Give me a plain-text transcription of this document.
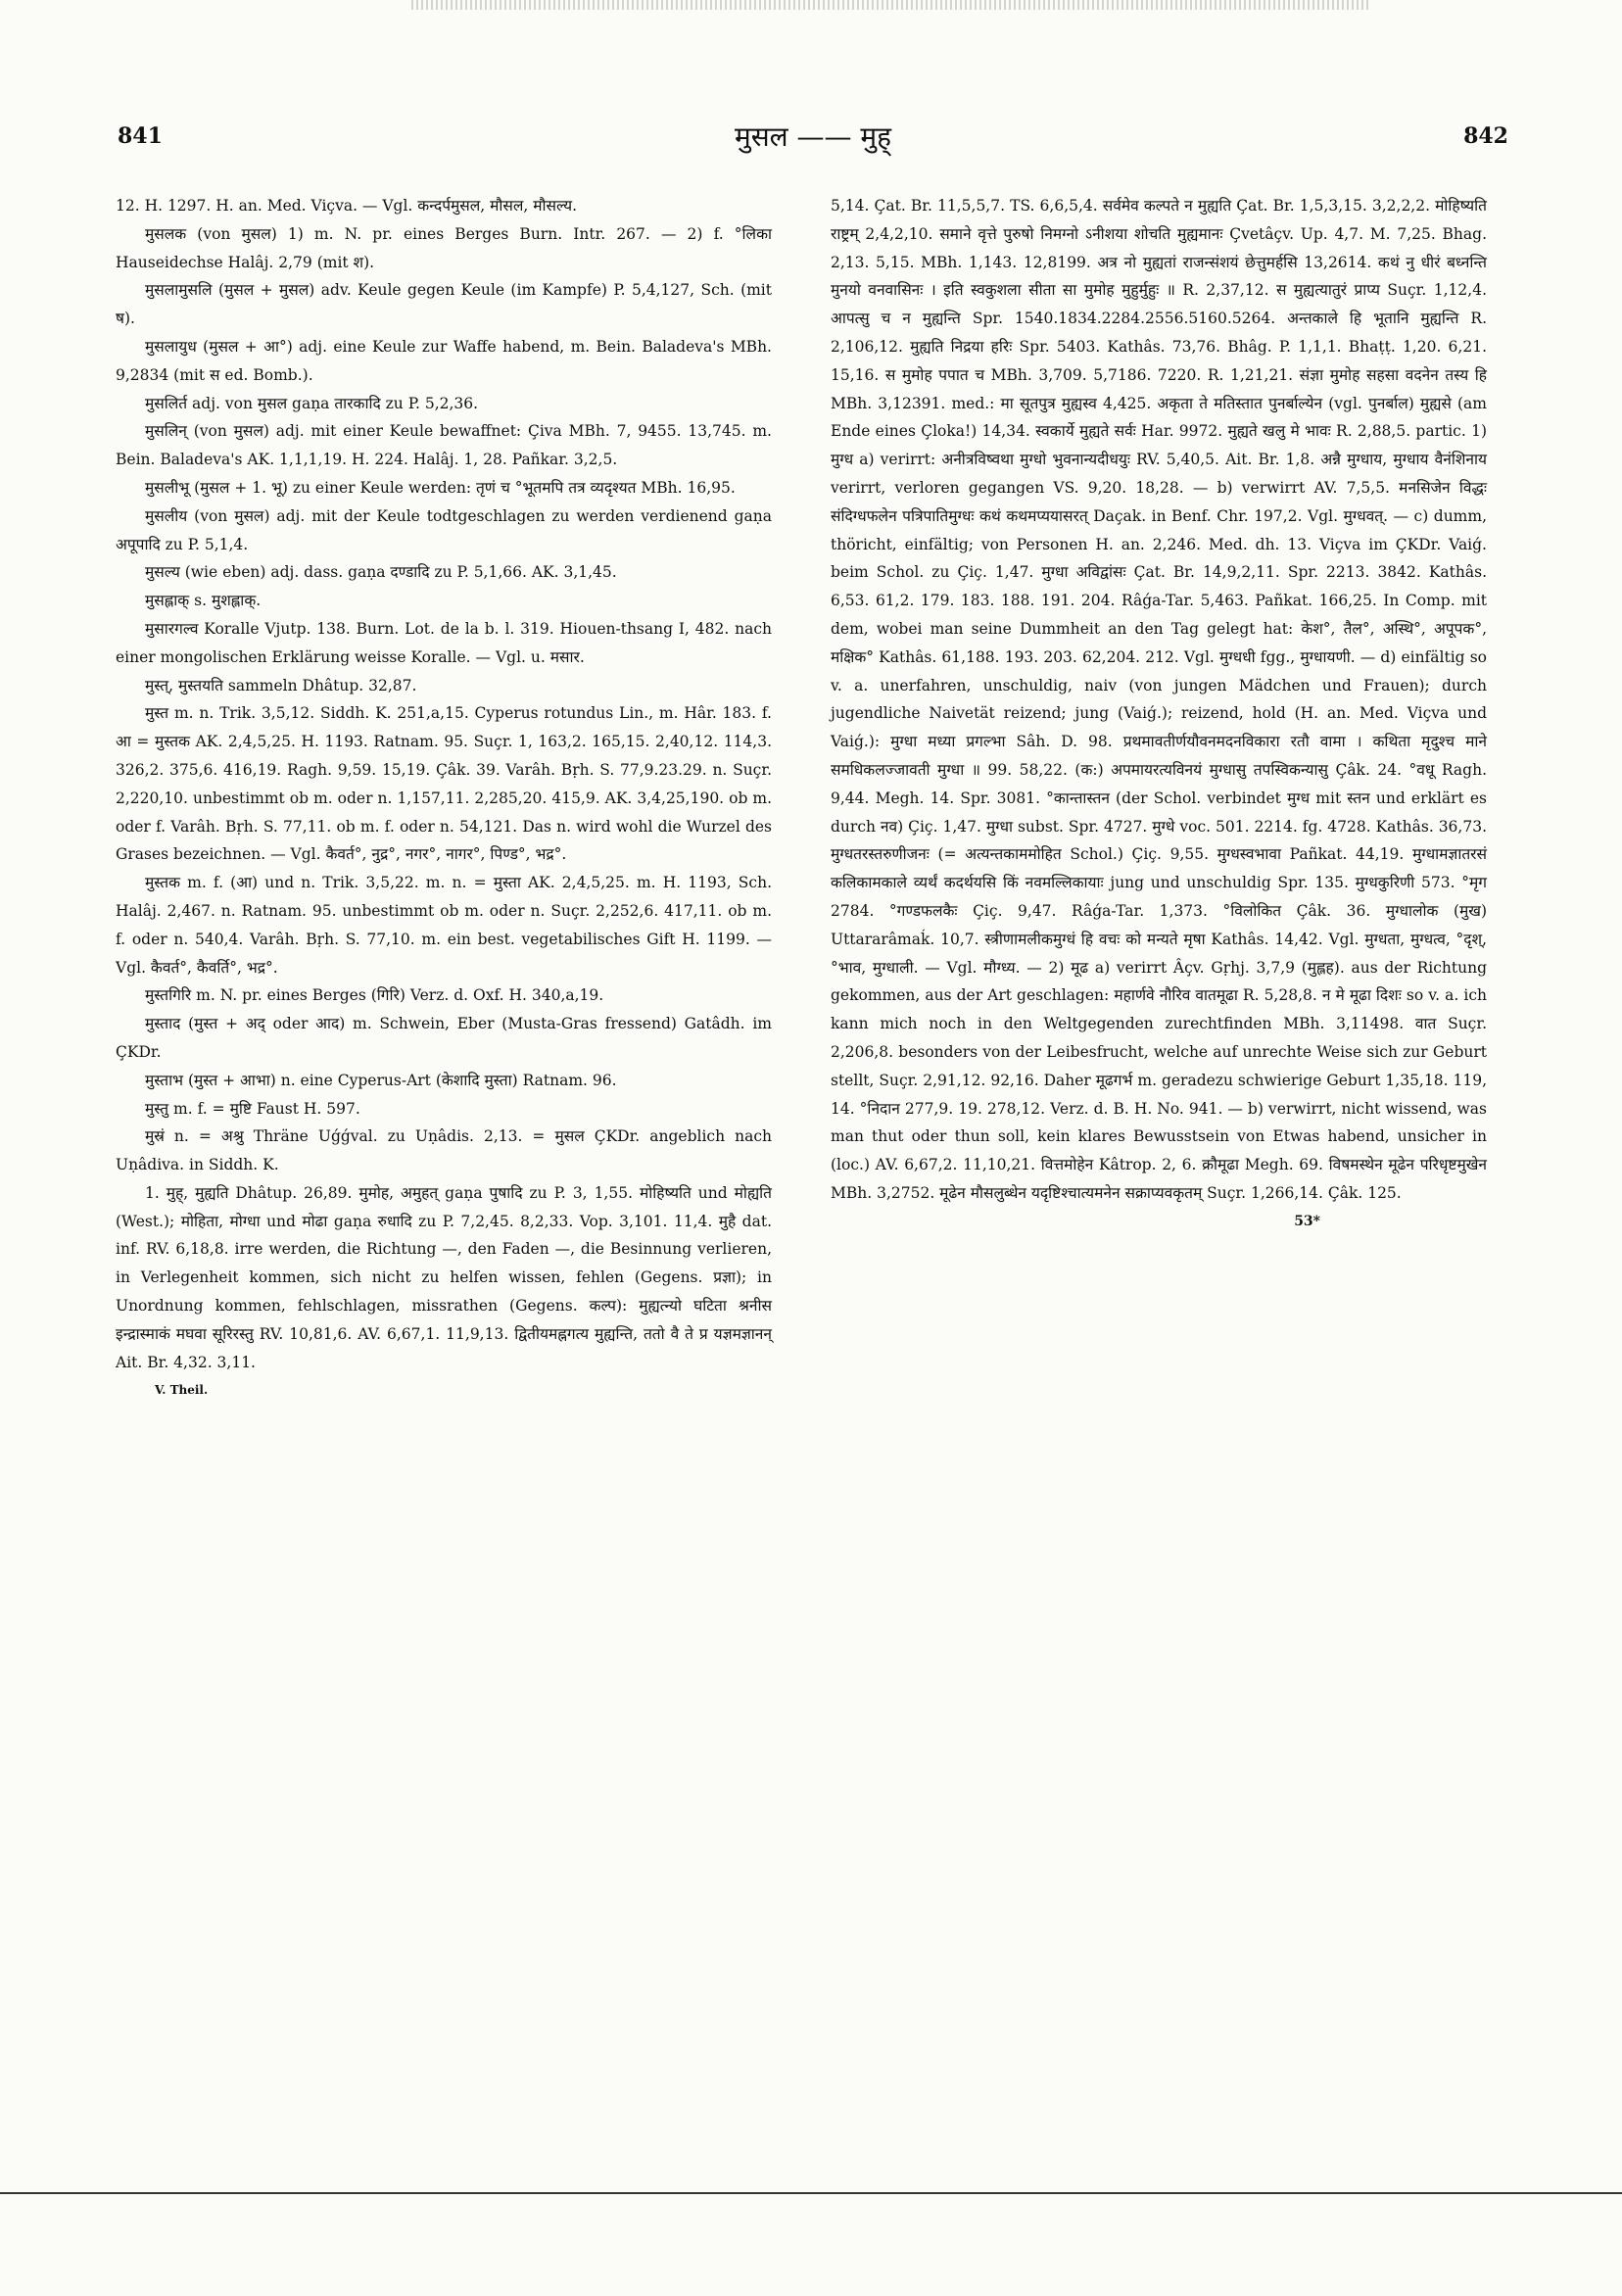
841	मुसल —— मुह्	842

12. H. 1297. H. an. Med. Viçva. — Vgl. कन्दर्पमुसल, मौसल, मौसल्य.

मुसलक (von मुसल) 1) m. N. pr. eines Berges Burn. Intr. 267. — 2) f. °लिका Hauseidechse Halâj. 2,79 (mit श).

मुसलामुसलि (मुसल + मुसल) adv. Keule gegen Keule (im Kampfe) P. 5,4,127, Sch. (mit ष).

मुसलायुध (मुसल + आ°) adj. eine Keule zur Waffe habend, m. Bein. Baladeva's MBh. 9,2834 (mit स ed. Bomb.).

मुसलिर्त adj. von मुसल gaṇa तारकादि zu P. 5,2,36.

मुसलिन् (von मुसल) adj. mit einer Keule bewaffnet: Çiva MBh. 7, 9455. 13,745. m. Bein. Baladeva's AK. 1,1,1,19. H. 224. Halâj. 1, 28. Pañkar. 3,2,5.

मुसलीभू (मुसल + 1. भू) zu einer Keule werden: तृणं च °भूतमपि तत्र व्यदृश्यत MBh. 16,95.

मुसलीय (von मुसल) adj. mit der Keule todtgeschlagen zu werden verdienend gaṇa अपूपादि zu P. 5,1,4.

मुसल्य (wie eben) adj. dass. gaṇa दण्डादि zu P. 5,1,66. AK. 3,1,45.

मुसह्लाक् s. मुशह्लाक्.

मुसारगल्व Koralle Vjutp. 138. Burn. Lot. de la b. l. 319. Hiouen-thsang I, 482. nach einer mongolischen Erklärung weisse Koralle. — Vgl. u. मसार.

मुस्त्, मुस्तयति sammeln Dhâtup. 32,87.

मुस्त m. n. Trik. 3,5,12. Siddh. K. 251,a,15. Cyperus rotundus Lin., m. Hâr. 183. f. आ = मुस्तक AK. 2,4,5,25. H. 1193. Ratnam. 95. Suçr. 1, 163,2. 165,15. 2,40,12. 114,3. 326,2. 375,6. 416,19. Ragh. 9,59. 15,19. Çâk. 39. Varâh. Bṛh. S. 77,9.23.29. n. Suçr. 2,220,10. unbestimmt ob m. oder n. 1,157,11. 2,285,20. 415,9. AK. 3,4,25,190. ob m. oder f. Varâh. Bṛh. S. 77,11. ob m. f. oder n. 54,121. Das n. wird wohl die Wurzel des Grases bezeichnen. — Vgl. कैवर्त°, नुद्र°, नगर°, नागर°, पिण्ड°, भद्र°.

मुस्तक m. f. (आ) und n. Trik. 3,5,22. m. n. = मुस्ता AK. 2,4,5,25. m. H. 1193, Sch. Halâj. 2,467. n. Ratnam. 95. unbestimmt ob m. oder n. Suçr. 2,252,6. 417,11. ob m. f. oder n. 540,4. Varâh. Bṛh. S. 77,10. m. ein best. vegetabilisches Gift H. 1199. — Vgl. कैवर्त°, कैवर्ति°, भद्र°.

मुस्तगिरि m. N. pr. eines Berges (गिरि) Verz. d. Oxf. H. 340,a,19.

मुस्ताद (मुस्त + अद् oder आद) m. Schwein, Eber (Musta-Gras fressend) Gatâdh. im ÇKDr.

मुस्ताभ (मुस्त + आभा) n. eine Cyperus-Art (केशादि मुस्ता) Ratnam. 96.

मुस्तु m. f. = मुष्टि Faust H. 597.

मुस्रं n. = अश्रु Thräne Uǵǵval. zu Uṇâdis. 2,13. = मुसल ÇKDr. angeblich nach Uṇâdiva. in Siddh. K.

1. मुह्, मुह्यति Dhâtup. 26,89. मुमोह, अमुहत् gaṇa पुषादि zu P. 3, 1,55. मोहिष्यति und मोह्यति (West.); मोहिता, मोग्धा und मोढा gaṇa रुधादि zu P. 7,2,45. 8,2,33. Vop. 3,101. 11,4. मुहै dat. inf. RV. 6,18,8. irre werden, die Richtung —, den Faden —, die Besinnung verlieren, in Verlegenheit kommen, sich nicht zu helfen wissen, fehlen (Gegens. प्रज्ञा); in Unordnung kommen, fehlschlagen, missrathen (Gegens. कल्प): मुह्यत्न्यो घटिता श्रनीस इन्द्रास्माकं मघवा सूरिरस्तु RV. 10,81,6. AV. 6,67,1. 11,9,13. द्वितीयमह्नगत्य मुह्यन्ति, ततो वै ते प्र यज्ञमज्ञानन् Ait. Br. 4,32. 3,11.

V. Theil.

5,14. Çat. Br. 11,5,5,7. TS. 6,6,5,4. सर्वमेव कल्पते न मुह्यति Çat. Br. 1,5,3,15. 3,2,2,2. मोहिष्यति राष्ट्रम् 2,4,2,10. समाने वृत्ते पुरुषो निमग्नो ऽनीशया शोचति मुह्यमानः Çvetâçv. Up. 4,7. M. 7,25. Bhag. 2,13. 5,15. MBh. 1,143. 12,8199. अत्र नो मुह्यतां राजन्संशयं छेत्तुमर्हसि 13,2614. कथं नु धीरं बध्नन्ति मुनयो वनवासिनः । इति स्वकुशला सीता सा मुमोह मुहुर्मुहुः ॥ R. 2,37,12. स मुह्यत्यातुरं प्राप्य Suçr. 1,12,4. आपत्सु च न मुह्यन्ति Spr. 1540.1834.2284.2556.5160.5264. अन्तकाले हि भूतानि मुह्यन्ति R. 2,106,12. मुह्यति निद्रया हरिः Spr. 5403. Kathâs. 73,76. Bhâg. P. 1,1,1. Bhaṭṭ. 1,20. 6,21. 15,16. स मुमोह पपात च MBh. 3,709. 5,7186. 7220. R. 1,21,21. संज्ञा मुमोह सहसा वदनेन तस्य हि MBh. 3,12391. med.: मा सूतपुत्र मुह्यस्व 4,425. अकृता ते मतिस्तात पुनर्बाल्येन (vgl. पुनर्बाल) मुह्यसे (am Ende eines Çloka!) 14,34. स्वकार्ये मुह्यते सर्वः Har. 9972. मुह्यते खलु मे भावः R. 2,88,5. partic. 1) मुग्ध a) verirrt: अनीत्रविष्वथा मुग्धो भुवनान्यदीधयुः RV. 5,40,5. Ait. Br. 1,8. अन्नै मुग्धाय, मुग्धाय वैनंशिनाय verirrt, verloren gegangen VS. 9,20. 18,28. — b) verwirrt AV. 7,5,5. मनसिजेन विद्धः संदिग्धफलेन पत्रिपातिमुग्धः कथं कथमप्ययासरत् Daçak. in Benf. Chr. 197,2. Vgl. मुग्धवत्. — c) dumm, thöricht, einfältig; von Personen H. an. 2,246. Med. dh. 13. Viçva im ÇKDr. Vaiǵ. beim Schol. zu Çiç. 1,47. मुग्धा अविद्वांसः Çat. Br. 14,9,2,11. Spr. 2213. 3842. Kathâs. 6,53. 61,2. 179. 183. 188. 191. 204. Râǵa-Tar. 5,463. Pañkat. 166,25. In Comp. mit dem, wobei man seine Dummheit an den Tag gelegt hat: केश°, तैल°, अस्थि°, अपूपक°, मक्षिक° Kathâs. 61,188. 193. 203. 62,204. 212. Vgl. मुग्धधी fgg., मुग्धायणी. — d) einfältig so v. a. unerfahren, unschuldig, naiv (von jungen Mädchen und Frauen); durch jugendliche Naivetät reizend; jung (Vaiǵ.); reizend, hold (H. an. Med. Viçva und Vaiǵ.): मुग्धा मध्या प्रगल्भा Sâh. D. 98. प्रथमावतीर्णयौवनमदनविकारा रतौ वामा । कथिता मृदुश्च माने समधिकलज्जावती मुग्धा ॥ 99. 58,22. (क:) अपमायरत्यविनयं मुग्धासु तपस्विकन्यासु Çâk. 24. °वधू Ragh. 9,44. Megh. 14. Spr. 3081. °कान्तास्तन (der Schol. verbindet मुग्ध mit स्तन und erklärt es durch नव) Çiç. 1,47. मुग्धा subst. Spr. 4727. मुग्धे voc. 501. 2214. fg. 4728. Kathâs. 36,73. मुग्धतरस्तरुणीजनः (= अत्यन्तकाममोहित Schol.) Çiç. 9,55. मुग्धस्वभावा Pañkat. 44,19. मुग्धामज्ञातरसं कलिकामकाले व्यर्थं कदर्थयसि किं नवमल्लिकायाः jung und unschuldig Spr. 135. मुग्धकुरिणी 573. °मृग 2784. °गण्डफलकैः Çiç. 9,47. Râǵa-Tar. 1,373. °विलोकित Çâk. 36. मुग्धालोक (मुख) Uttararâmaḱ. 10,7. स्त्रीणामलीकमुग्धं हि वचः को मन्यते मृषा Kathâs. 14,42. Vgl. मुग्धता, मुग्धत्व, °दृश्, °भाव, मुग्धाली. — Vgl. मौग्ध्य. — 2) मूढ a) verirrt Âçv. Gṛhj. 3,7,9 (मुह्लह). aus der Richtung gekommen, aus der Art geschlagen: महार्णवे नौरिव वातमूढा R. 5,28,8. न मे मूढा दिशः so v. a. ich kann mich noch in den Weltgegenden zurechtfinden MBh. 3,11498. वात Suçr. 2,206,8. besonders von der Leibesfrucht, welche auf unrechte Weise sich zur Geburt stellt, Suçr. 2,91,12. 92,16. Daher मूढगर्भ m. geradezu schwierige Geburt 1,35,18. 119, 14. °निदान 277,9. 19. 278,12. Verz. d. B. H. No. 941. — b) verwirrt, nicht wissend, was man thut oder thun soll, kein klares Bewusstsein von Etwas habend, unsicher in (loc.) AV. 6,67,2. 11,10,21. वित्तमोहेन Kâtrop. 2, 6. क्रौमूढा Megh. 69. विषमस्थेन मूढेन परिधृष्टमुखेन MBh. 3,2752. मूढेन मौसलुब्धेन यदृष्टिश्चात्यमनेन सक्राप्यवकृतम् Suçr. 1,266,14. Çâk. 125.

53*
